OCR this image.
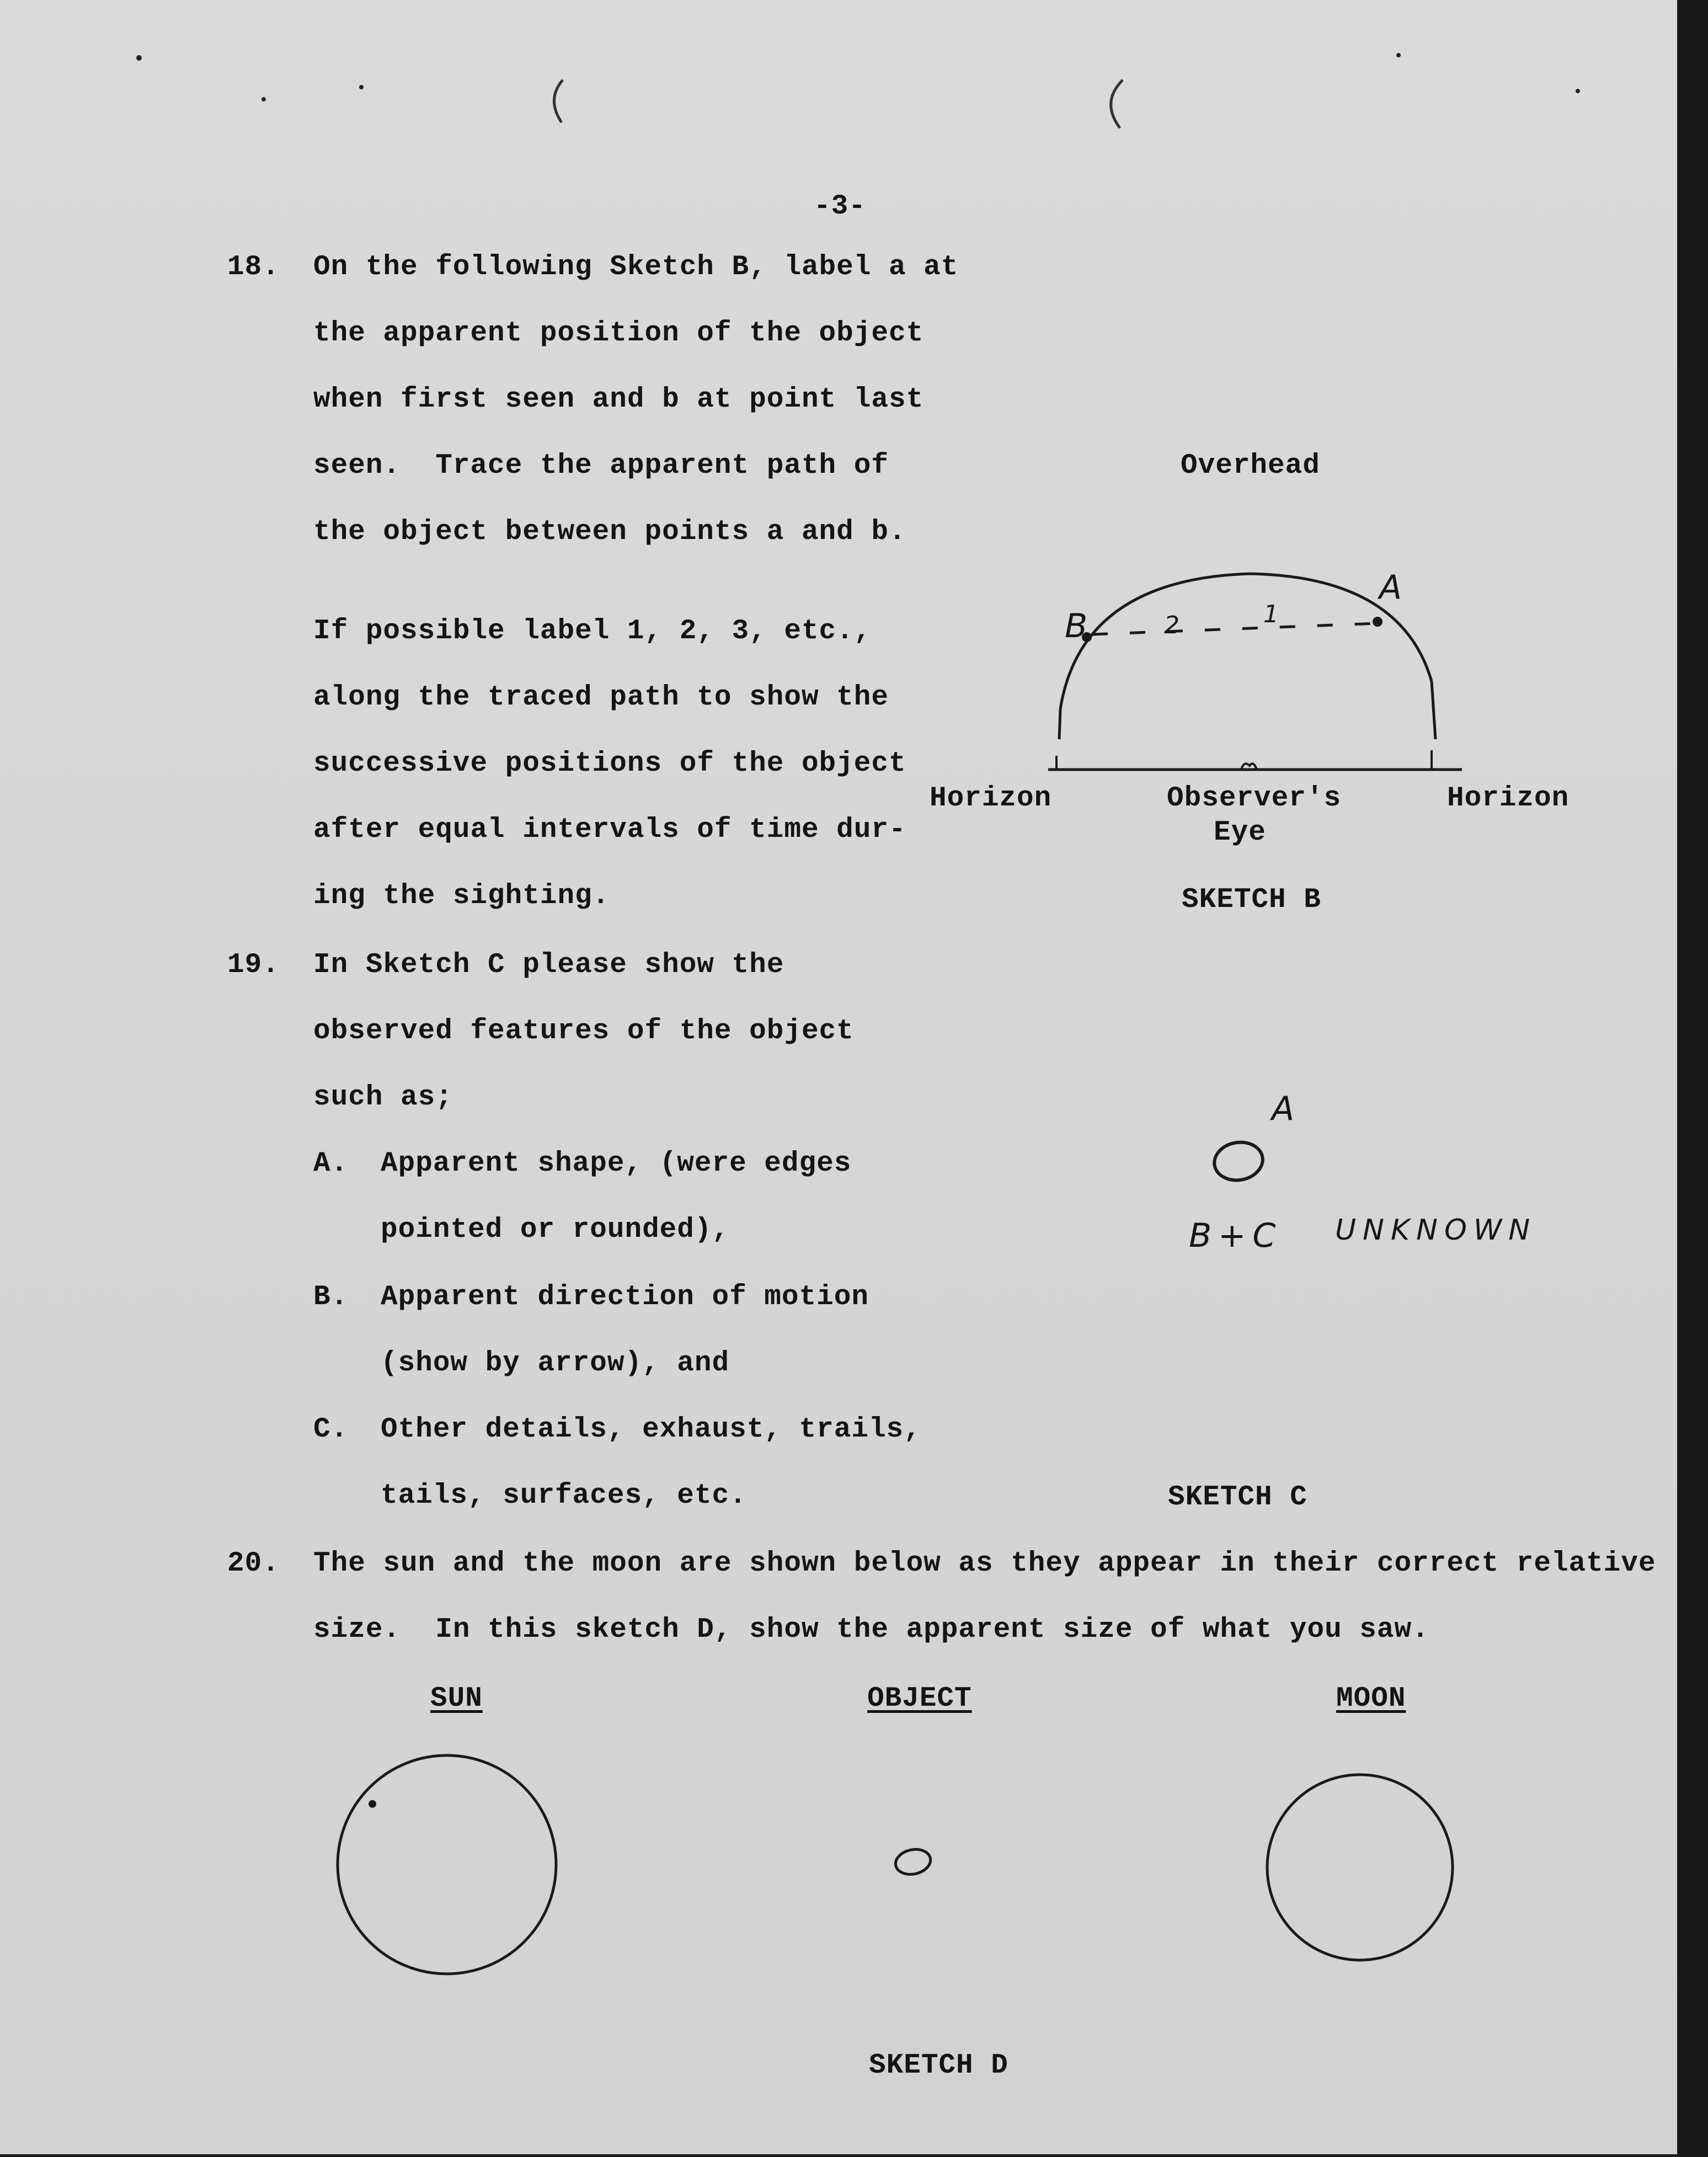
-3-
18. On the following Sketch B, label a at
the apparent position of the object
when first seen and b at point last
seen.  Trace the apparent path of
the object between points a and b.
If possible label 1, 2, 3, etc.,
along the traced path to show the
successive positions of the object
after equal intervals of time dur-
ing the sighting.
Overhead
A
B	2	1
Horizon	Observer's
Eye
Horizon
SKETCH B
19. In Sketch C please show the
observed features of the object
such as;
A. Apparent shape, (were edges
pointed or rounded),
B. Apparent direction of motion
(show by arrow), and
C. Other details, exhaust, trails,
tails, surfaces, etc.
A
B+C UNKNOWN
SKETCH C
20. The sun and the moon are shown below as they appear in their correct relative
size.  In this sketch D, show the apparent size of what you saw.
SUN	OBJECT	MOON
SKETCH D
